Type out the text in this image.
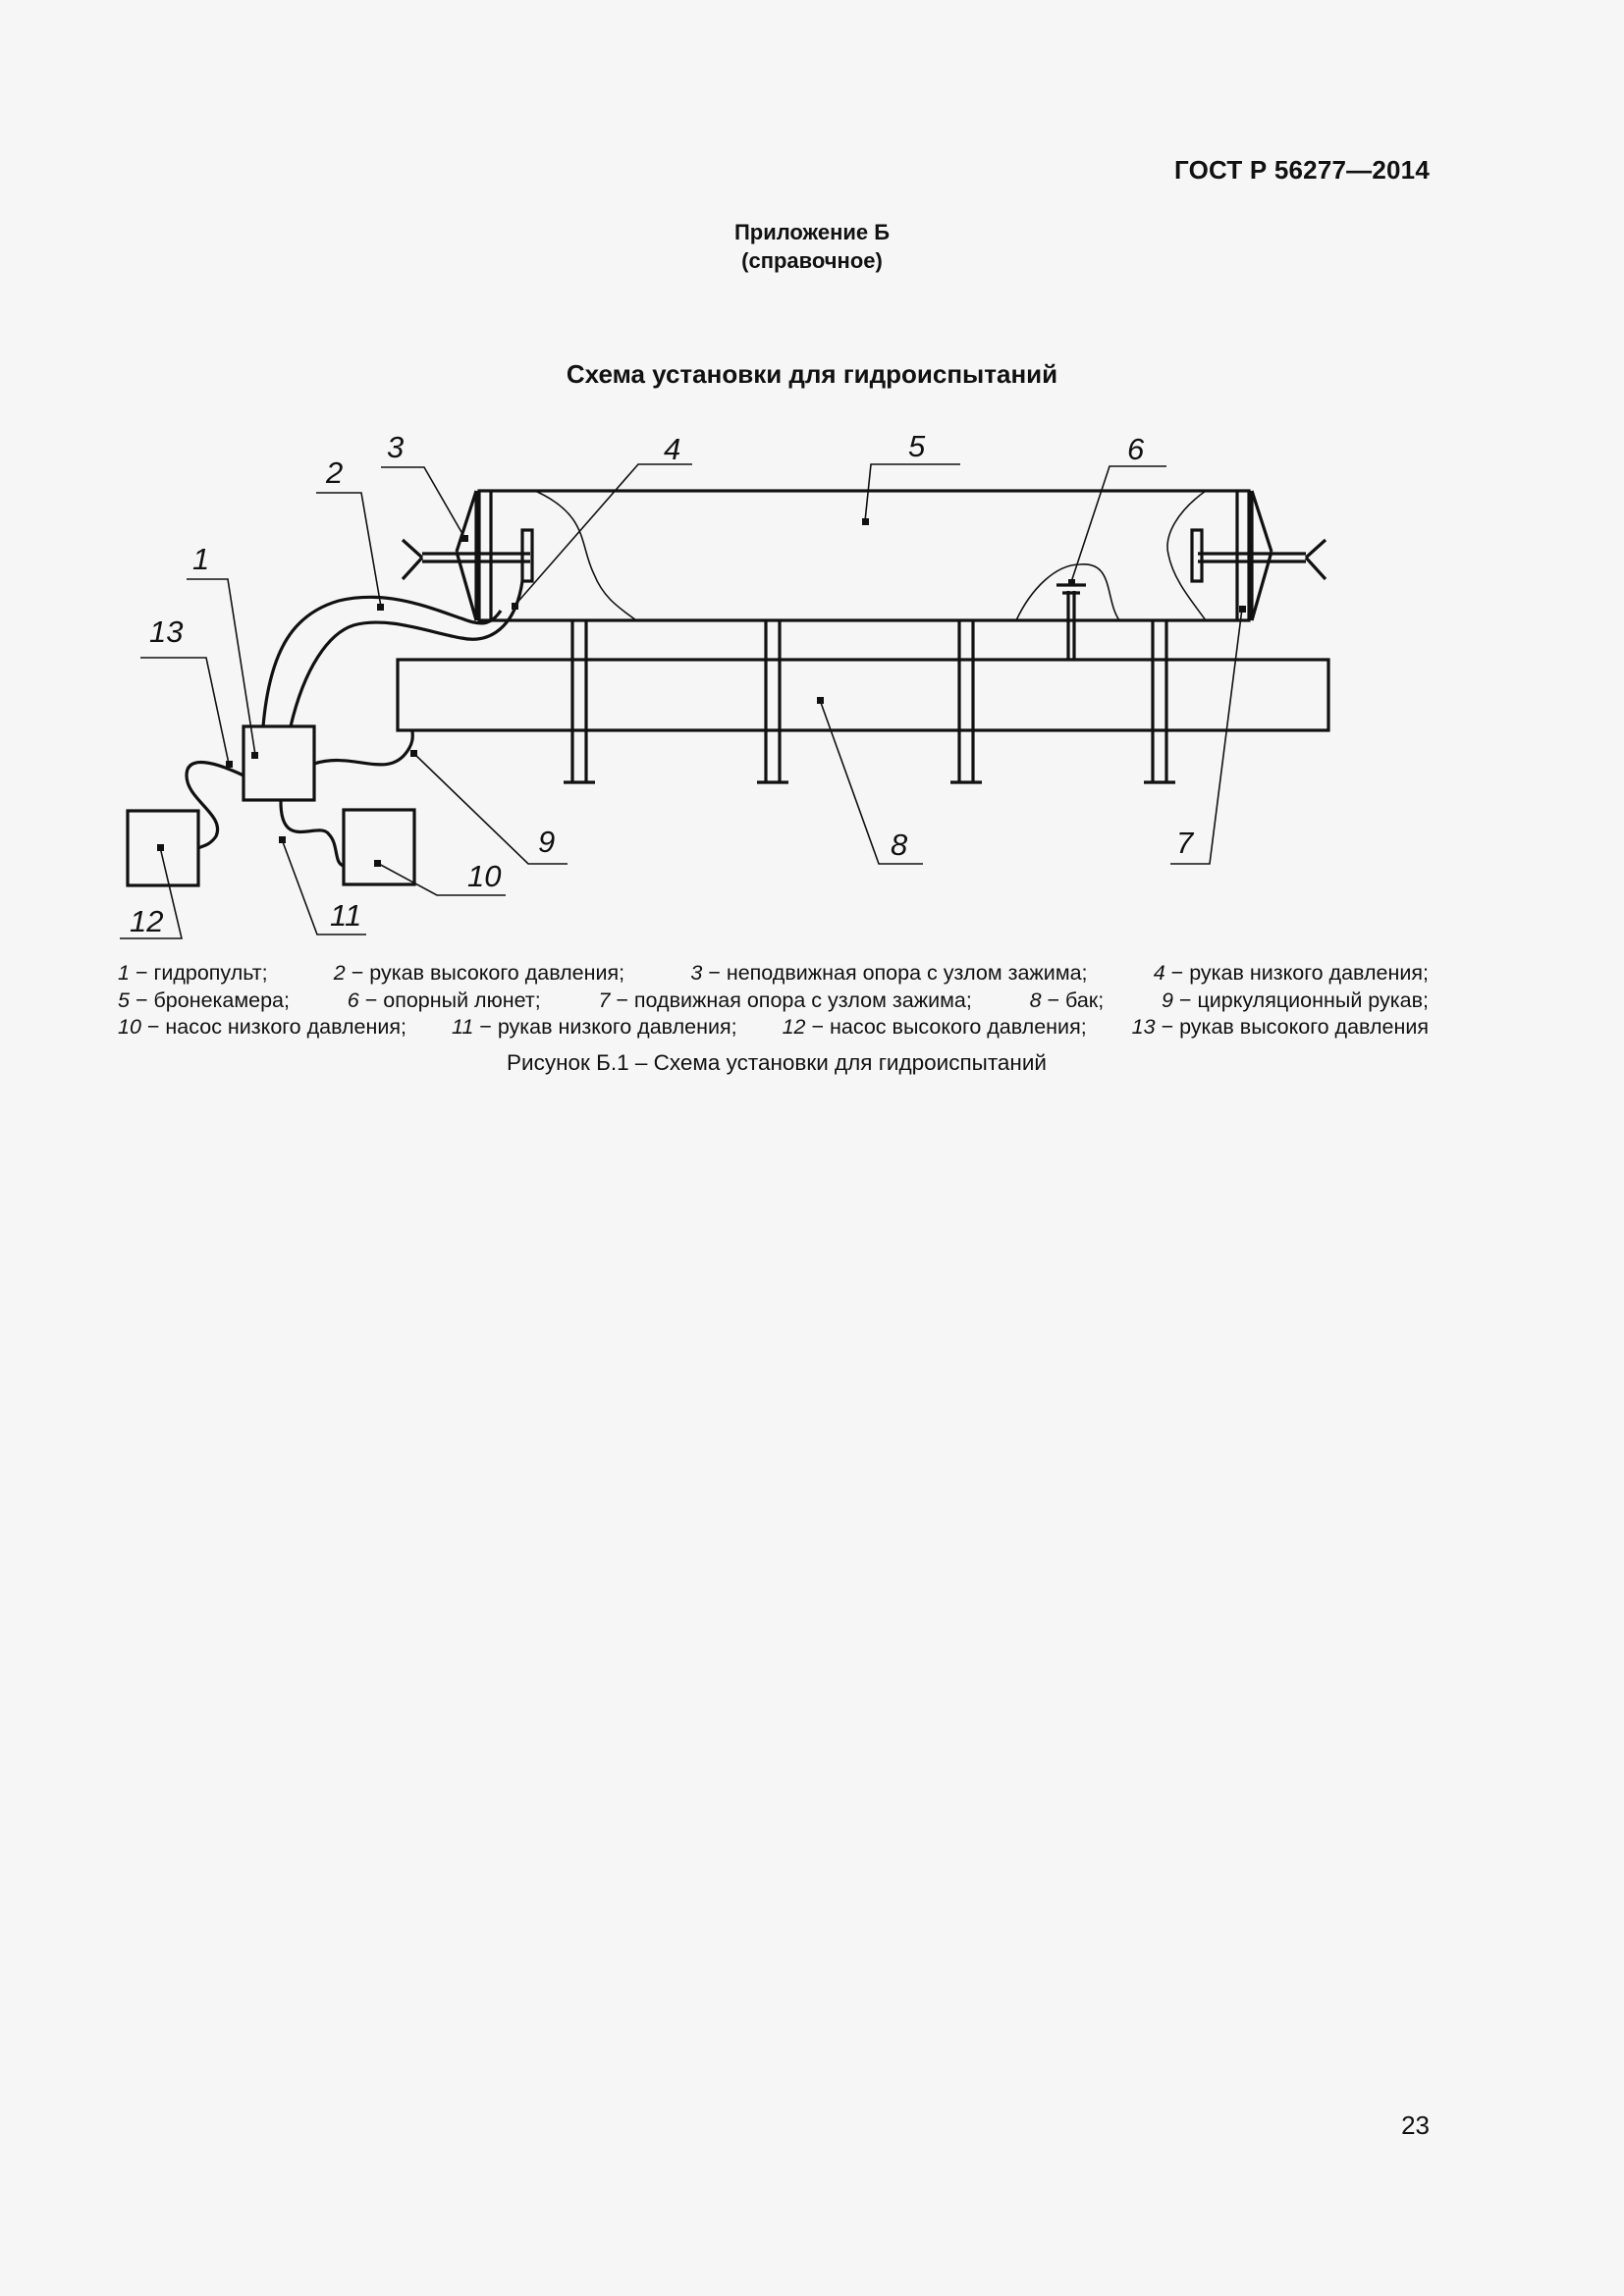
ГОСТ Р 56277—2014
Приложение Б
(справочное)
Схема установки для гидроиспытаний
1
2
3	4	5	6
7
8
9
10
11
12
13
1 − гидропульт;	2 − рукав высокого давления;	3 − неподвижная опора с узлом зажима;	4 − рукав низкого давления;
5 − бронекамера;	6 − опорный люнет;	7 − подвижная опора с узлом зажима;	8 − бак;	9 − циркуляционный рукав;
10 − насос низкого давления; 11 − рукав низкого давления; 12 − насос высокого давления; 13 − рукав высокого давления
Рисунок Б.1 – Схема установки для гидроиспытаний
23
